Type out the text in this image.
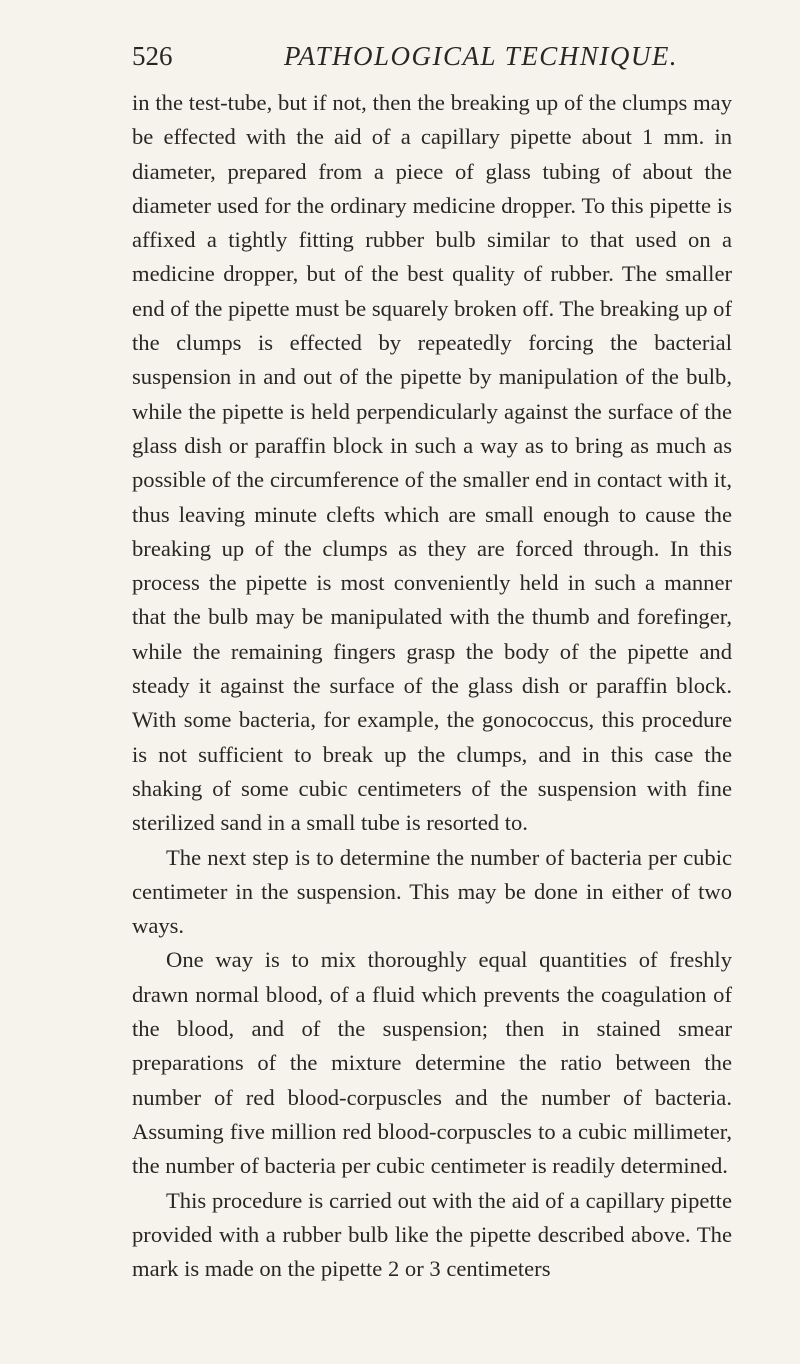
526	PATHOLOGICAL TECHNIQUE.

in the test-tube, but if not, then the breaking up of the clumps may be effected with the aid of a capillary pipette about 1 mm. in diameter, prepared from a piece of glass tubing of about the diameter used for the ordinary medicine dropper. To this pipette is affixed a tightly fitting rubber bulb similar to that used on a medicine dropper, but of the best quality of rubber. The smaller end of the pipette must be squarely broken off. The breaking up of the clumps is effected by repeatedly forcing the bacterial suspension in and out of the pipette by manipulation of the bulb, while the pipette is held perpendicularly against the surface of the glass dish or paraffin block in such a way as to bring as much as possible of the circumference of the smaller end in contact with it, thus leaving minute clefts which are small enough to cause the breaking up of the clumps as they are forced through. In this process the pipette is most conveniently held in such a manner that the bulb may be manipulated with the thumb and forefinger, while the remaining fingers grasp the body of the pipette and steady it against the surface of the glass dish or paraffin block. With some bacteria, for example, the gonococcus, this procedure is not sufficient to break up the clumps, and in this case the shaking of some cubic centimeters of the suspension with fine sterilized sand in a small tube is resorted to.

The next step is to determine the number of bacteria per cubic centimeter in the suspension. This may be done in either of two ways.

One way is to mix thoroughly equal quantities of freshly drawn normal blood, of a fluid which prevents the coagulation of the blood, and of the suspension; then in stained smear preparations of the mixture determine the ratio between the number of red blood-corpuscles and the number of bacteria. Assuming five million red blood-corpuscles to a cubic millimeter, the number of bacteria per cubic centimeter is readily determined.

This procedure is carried out with the aid of a capillary pipette provided with a rubber bulb like the pipette described above. The mark is made on the pipette 2 or 3 centimeters
